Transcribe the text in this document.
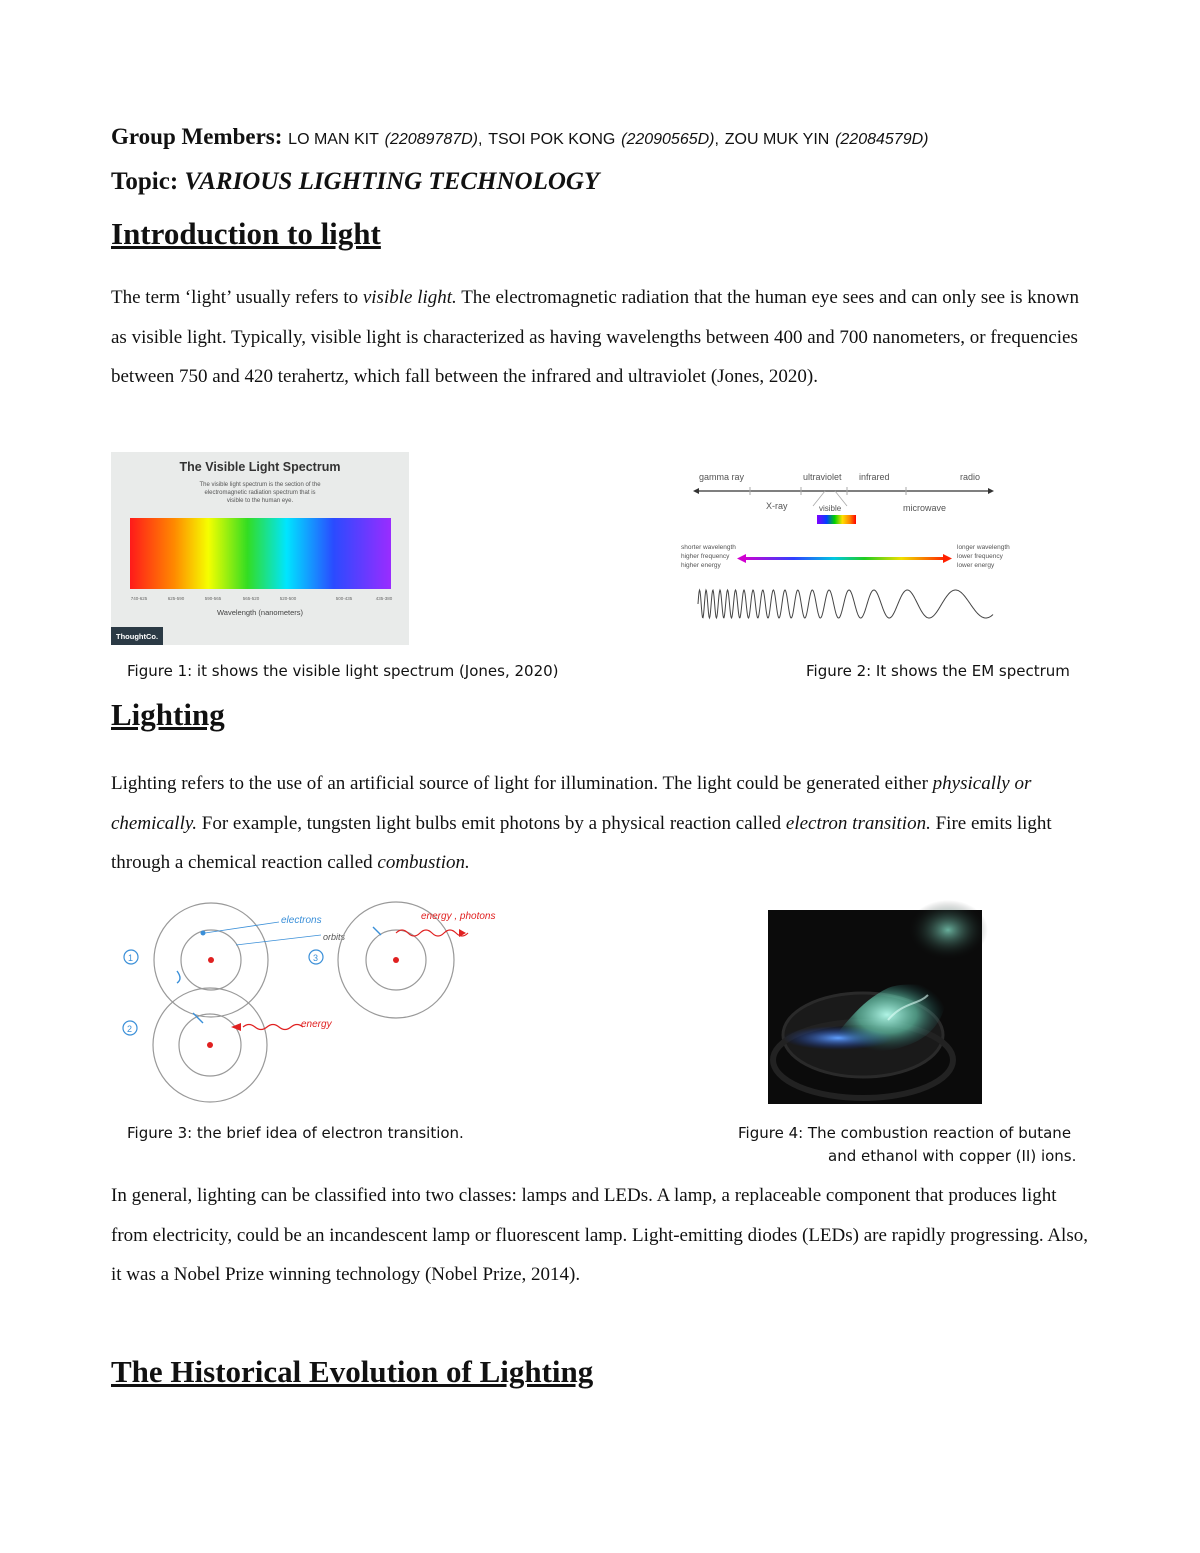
Group Members: LO MAN KIT (22089787D), TSOI POK KONG (22090565D), ZOU MUK YIN (22084579D)
Topic: VARIOUS LIGHTING TECHNOLOGY
Introduction to light

The term ‘light’ usually refers to visible light. The electromagnetic radiation that the human eye sees and can only see is known as visible light. Typically, visible light is characterized as having wavelengths between 400 and 700 nanometers, or frequencies between 750 and 420 terahertz, which fall between the infrared and ultraviolet (Jones, 2020).

The Visible Light Spectrum
The visible light spectrum is the section of the
electromagnetic radiation spectrum that is
visible to the human eye.
740-625	625-590	590-565	565-520	520-500	500-435	435-380
Wavelength (nanometers)
ThoughtCo.
Figure 1: it shows the visible light spectrum (Jones, 2020)
gamma ray	ultraviolet infrared	radio
X-ray	visible	microwave
shorter wavelength
higher frequency
higher energy
longer wavelength
lower frequency
lower energy
Figure 2: It shows the EM spectrum
Lighting

Lighting refers to the use of an artificial source of light for illumination. The light could be generated either physically or chemically. For example, tungsten light bulbs emit photons by a physical reaction called electron transition. Fire emits light through a chemical reaction called combustion.

1
electrons
orbits
3
energy , photons
2	energy
Figure 3: the brief idea of electron transition.	Figure 4: The combustion reaction of butane
and ethanol with copper (II) ions.

In general, lighting can be classified into two classes: lamps and LEDs. A lamp, a replaceable component that produces light from electricity, could be an incandescent lamp or fluorescent lamp. Light-emitting diodes (LEDs) are rapidly progressing. Also, it was a Nobel Prize winning technology (Nobel Prize, 2014).

The Historical Evolution of Lighting
